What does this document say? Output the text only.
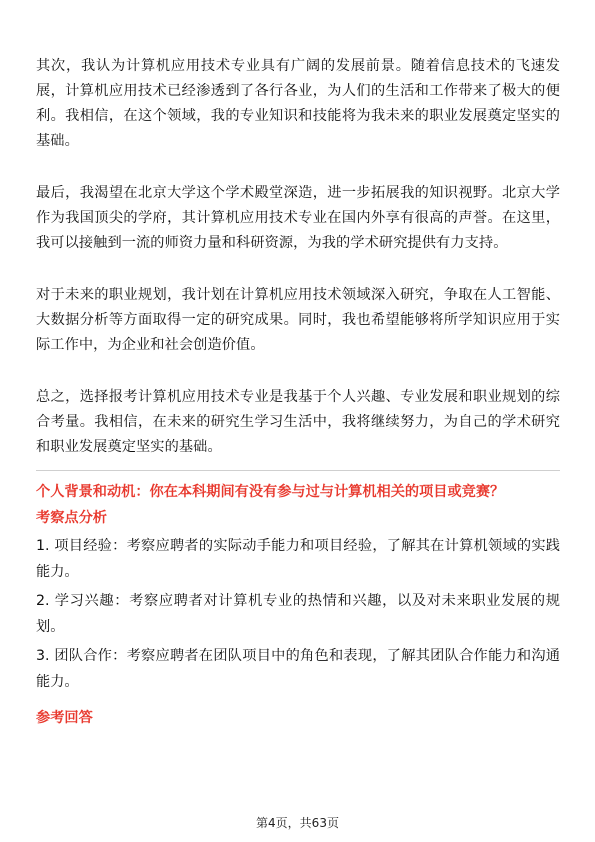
其次，我认为计算机应用技术专业具有广阔的发展前景。随着信息技术的飞速发展，计算机应用技术已经渗透到了各行各业，为人们的生活和工作带来了极大的便利。我相信，在这个领域，我的专业知识和技能将为我未来的职业发展奠定坚实的基础。

最后，我渴望在北京大学这个学术殿堂深造，进一步拓展我的知识视野。北京大学作为我国顶尖的学府，其计算机应用技术专业在国内外享有很高的声誉。在这里，我可以接触到一流的师资力量和科研资源，为我的学术研究提供有力支持。

对于未来的职业规划，我计划在计算机应用技术领域深入研究，争取在人工智能、大数据分析等方面取得一定的研究成果。同时，我也希望能够将所学知识应用于实际工作中，为企业和社会创造价值。

总之，选择报考计算机应用技术专业是我基于个人兴趣、专业发展和职业规划的综合考量。我相信，在未来的研究生学习生活中，我将继续努力，为自己的学术研究和职业发展奠定坚实的基础。

个人背景和动机：你在本科期间有没有参与过与计算机相关的项目或竞赛？
考察点分析
1. 项目经验：考察应聘者的实际动手能力和项目经验，了解其在计算机领域的实践能力。
2. 学习兴趣：考察应聘者对计算机专业的热情和兴趣，以及对未来职业发展的规划。
3. 团队合作：考察应聘者在团队项目中的角色和表现，了解其团队合作能力和沟通能力。
参考回答
第4页，共63页
